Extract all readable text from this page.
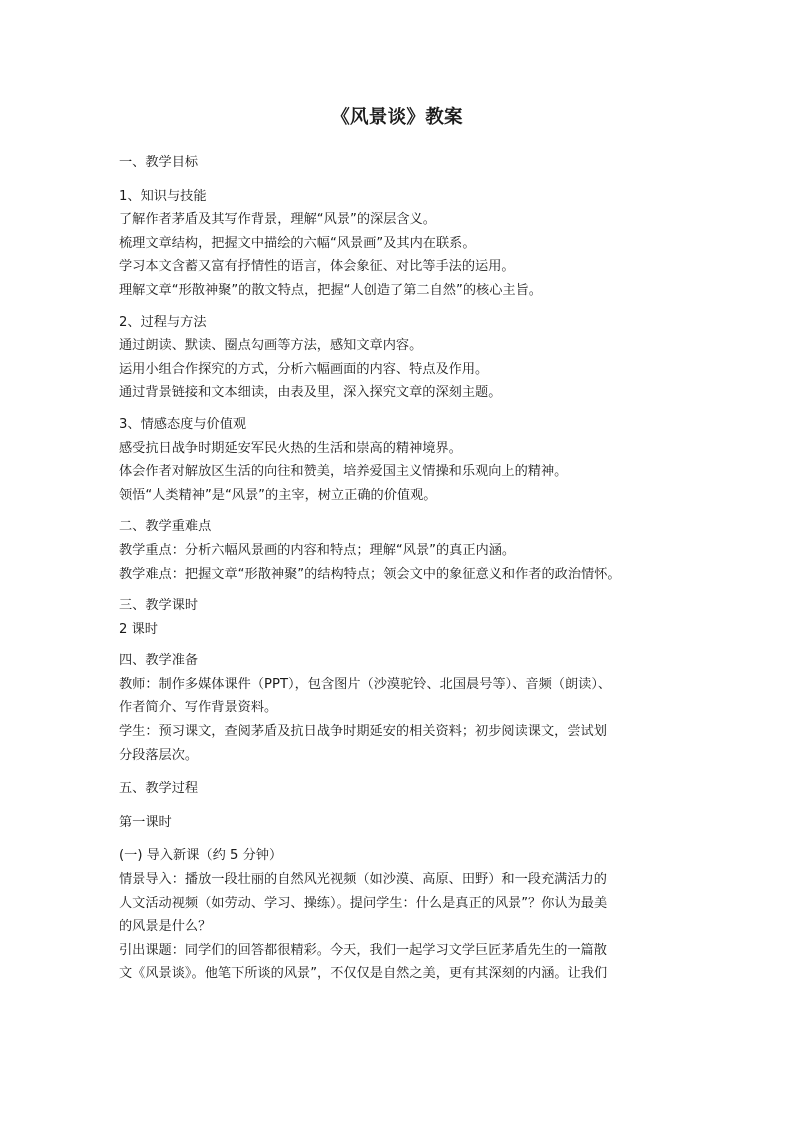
《风景谈》教案
一、教学目标
1、知识与技能
了解作者茅盾及其写作背景，理解“风景”的深层含义。
梳理文章结构，把握文中描绘的六幅“风景画”及其内在联系。
学习本文含蓄又富有抒情性的语言，体会象征、对比等手法的运用。
理解文章“形散神聚”的散文特点，把握“人创造了第二自然”的核心主旨。
2、过程与方法
通过朗读、默读、圈点勾画等方法，感知文章内容。
运用小组合作探究的方式，分析六幅画面的内容、特点及作用。
通过背景链接和文本细读，由表及里，深入探究文章的深刻主题。
3、情感态度与价值观
感受抗日战争时期延安军民火热的生活和崇高的精神境界。
体会作者对解放区生活的向往和赞美，培养爱国主义情操和乐观向上的精神。
领悟“人类精神”是“风景”的主宰，树立正确的价值观。
二、教学重难点
教学重点：分析六幅风景画的内容和特点；理解“风景”的真正内涵。
教学难点：把握文章“形散神聚”的结构特点；领会文中的象征意义和作者的政治情怀。
三、教学课时
2 课时
四、教学准备
教师：制作多媒体课件（PPT），包含图片（沙漠驼铃、北国晨号等）、音频（朗读）、
作者简介、写作背景资料。
学生：预习课文，查阅茅盾及抗日战争时期延安的相关资料；初步阅读课文，尝试划
分段落层次。
五、教学过程
第一课时
(一) 导入新课（约 5 分钟）
情景导入：播放一段壮丽的自然风光视频（如沙漠、高原、田野）和一段充满活力的
人文活动视频（如劳动、学习、操练）。提问学生：什么是真正的风景”？你认为最美
的风景是什么？
引出课题：同学们的回答都很精彩。今天，我们一起学习文学巨匠茅盾先生的一篇散
文《风景谈》。他笔下所谈的风景”，不仅仅是自然之美，更有其深刻的内涵。让我们
